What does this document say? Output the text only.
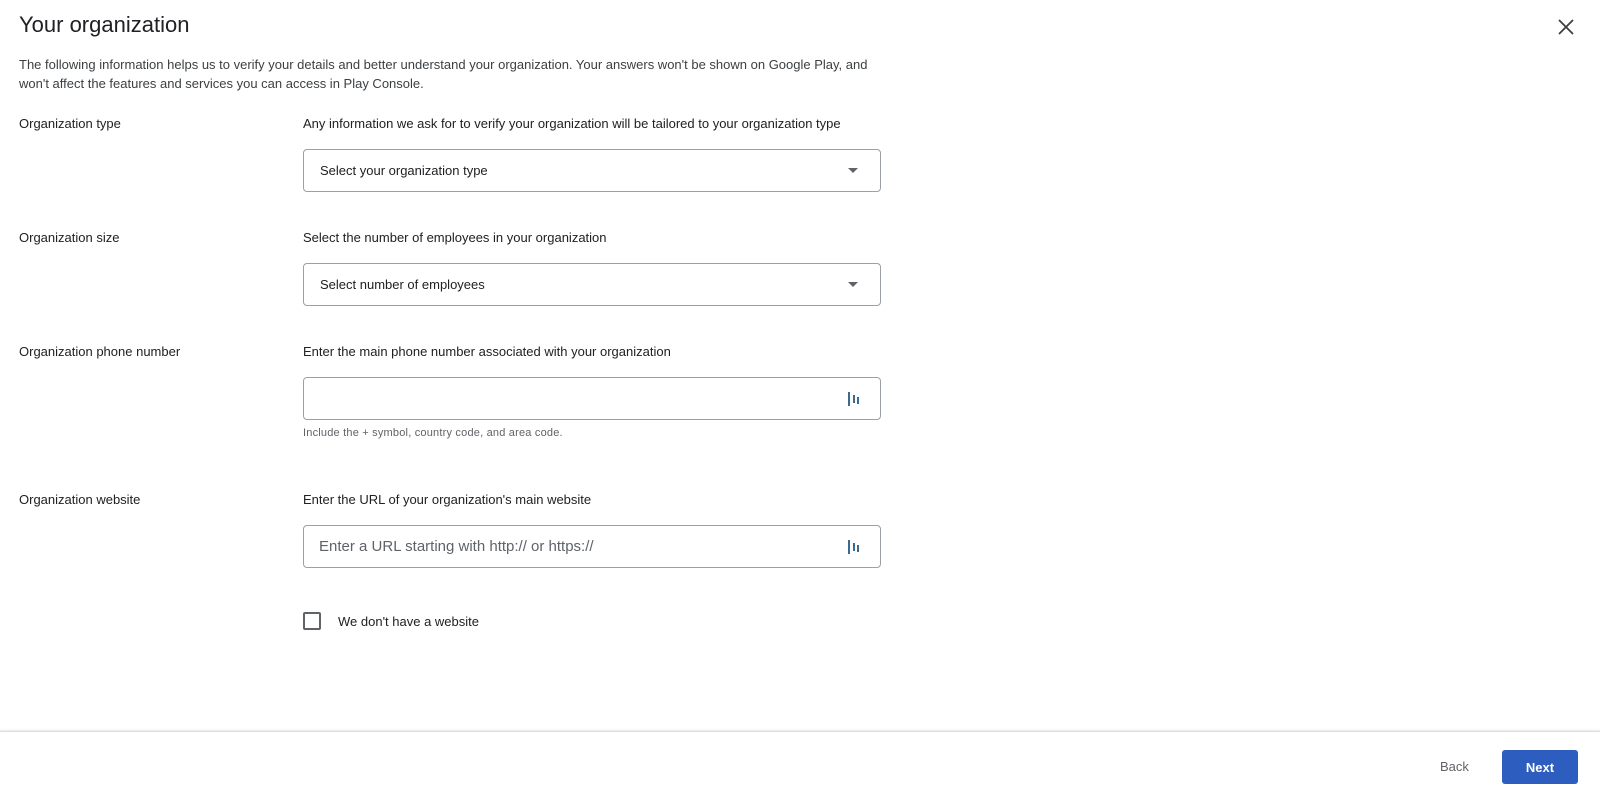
Your organization

The following information helps us to verify your details and better understand your organization. Your answers won't be shown on Google Play, and won't affect the features and services you can access in Play Console.

Organization type	Any information we ask for to verify your organization will be tailored to your organization type
Select your organization type
Organization size	Select the number of employees in your organization
Select number of employees
Organization phone number	Enter the main phone number associated with your organization
Include the + symbol, country code, and area code.
Organization website	Enter the URL of your organization's main website
Enter a URL starting with http:// or https://
We don't have a website
Back	Next
